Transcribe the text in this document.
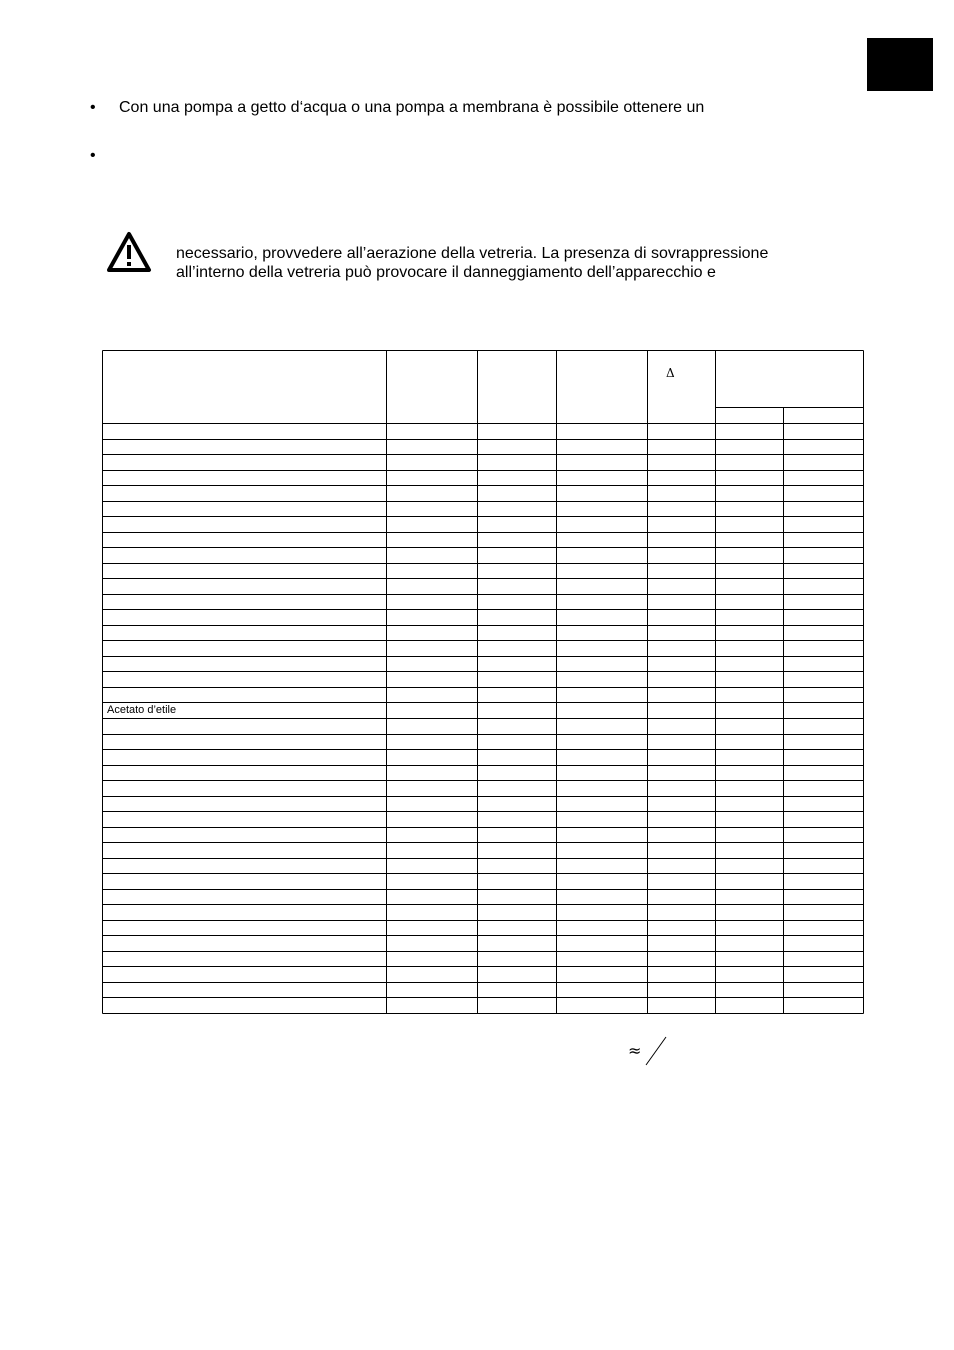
• Con una pompa a getto d‘acqua o una pompa a membrana è possibile ottenere un
•
necessario, provvedere all’aerazione della vetreria. La presenza di sovrappressione
all’interno della vetreria può provocare il danneggiamento dell’apparecchio e
Δ
Acetato d’etile
≈
